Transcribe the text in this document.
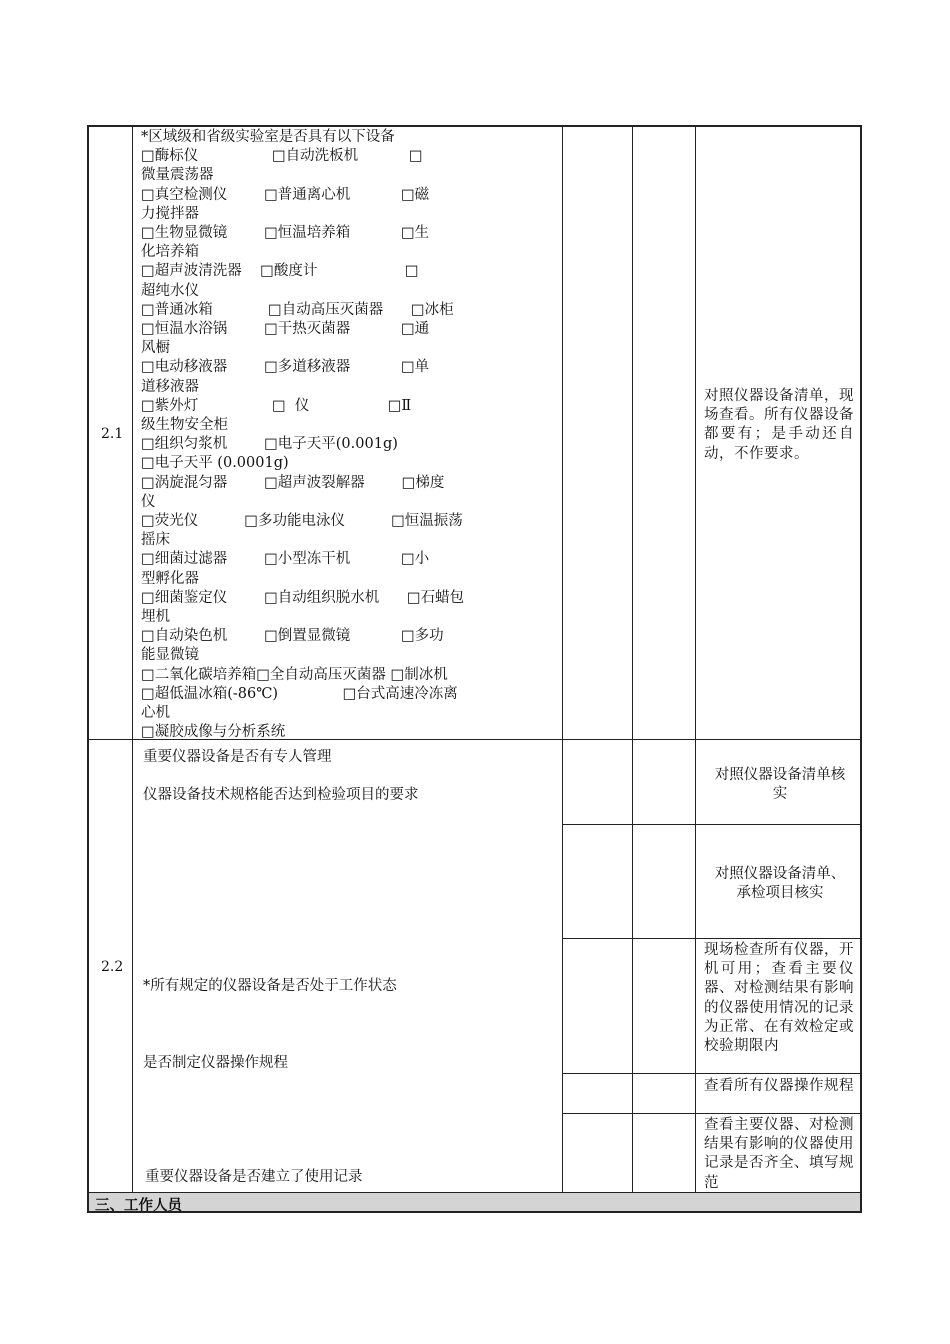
2.1
*区域级和省级实验室是否具有以下设备
□酶标仪                □自动洗板机           □
微量震荡器
□真空检测仪        □普通离心机           □磁
力搅拌器
□生物显微镜        □恒温培养箱           □生
化培养箱
□超声波清洗器    □酸度计                   □
超纯水仪
□普通冰箱            □自动高压灭菌器      □冰柜
□恒温水浴锅        □干热灭菌器           □通
风橱
□电动移液器        □多道移液器           □单
道移液器
□紫外灯                □  仪                 □Ⅱ
级生物安全柜
□组织匀浆机        □电子天平(0.001g)
□电子天平 (0.0001g)
□涡旋混匀器        □超声波裂解器        □梯度
仪
□荧光仪          □多功能电泳仪          □恒温振荡
摇床
□细菌过滤器        □小型冻干机           □小
型孵化器
□细菌鉴定仪        □自动组织脱水机      □石蜡包
埋机
□自动染色机        □倒置显微镜           □多功
能显微镜
□二氧化碳培养箱□全自动高压灭菌器 □制冰机
□超低温冰箱(-86℃)              □台式高速冷冻离
心机
□凝胶成像与分析系统
对照仪器设备清单，现场查看。所有仪器设备都要有；是手动还自动，不作要求。
2.2
重要仪器设备是否有专人管理
仪器设备技术规格能否达到检验项目的要求
*所有规定的仪器设备是否处于工作状态
是否制定仪器操作规程
重要仪器设备是否建立了使用记录
对照仪器设备清单核实
对照仪器设备清单、承检项目核实
现场检查所有仪器，开机可用；查看主要仪器、对检测结果有影响的仪器使用情况的记录为正常、在有效检定或校验期限内
查看所有仪器操作规程
查看主要仪器、对检测结果有影响的仪器使用记录是否齐全、填写规范
三、工作人员
